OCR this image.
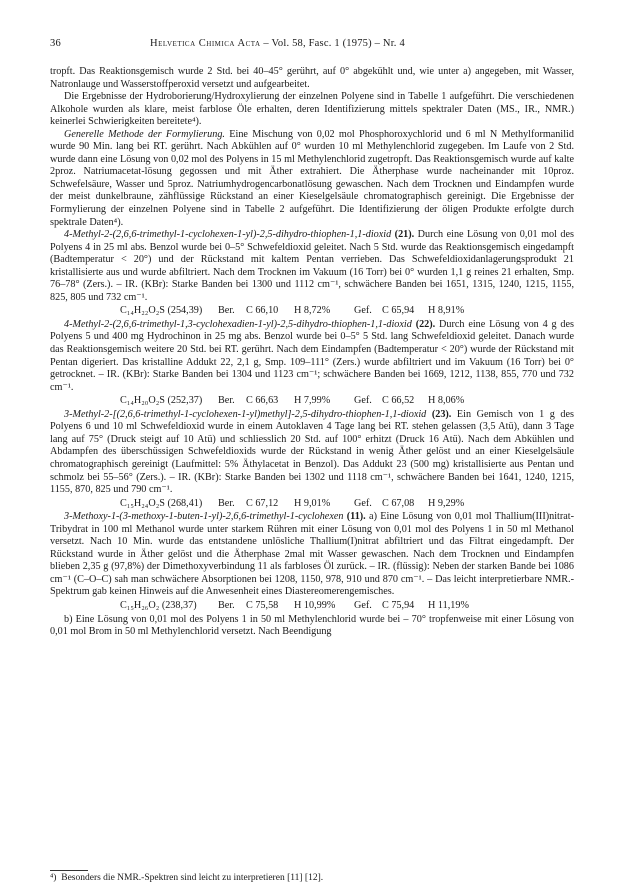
36	Helvetica Chimica Acta – Vol. 58, Fasc. 1 (1975) – Nr. 4

tropft. Das Reaktionsgemisch wurde 2 Std. bei 40–45° gerührt, auf 0° abgekühlt und, wie unter a) angegeben, mit Wasser, Natronlauge und Wasserstoffperoxid versetzt und aufgearbeitet.

Die Ergebnisse der Hydroborierung/Hydroxylierung der einzelnen Polyene sind in Tabelle 1 aufgeführt. Die verschiedenen Alkohole wurden als klare, meist farblose Öle erhalten, deren Identifizierung mittels spektraler Daten (MS., IR., NMR.) keinerlei Schwierigkeiten bereitete⁴).

Generelle Methode der Formylierung. Eine Mischung von 0,02 mol Phosphoroxychlorid und 6 ml N Methylformanilid wurde 90 Min. lang bei RT. gerührt. Nach Abkühlen auf 0° wurden 10 ml Methylenchlorid zugegeben. Im Laufe von 2 Std. wurde dann eine Lösung von 0,02 mol des Polyens in 15 ml Methylenchlorid zugetropft. Das Reaktionsgemisch wurde auf kalte 2proz. Natriumacetat-lösung gegossen und mit Äther extrahiert. Die Ätherphase wurde nacheinander mit 10proz. Schwefelsäure, Wasser und 5proz. Natriumhydrogencarbonatlösung gewaschen. Nach dem Trocknen und Eindampfen wurde der meist dunkelbraune, zähflüssige Rückstand an einer Kieselgelsäule chromatographisch gereinigt. Die Ergebnisse der Formylierung der einzelnen Polyene sind in Tabelle 2 aufgeführt. Die Identifizierung der öligen Produkte erfolgte durch spektrale Daten⁴).

4-Methyl-2-(2,6,6-trimethyl-1-cyclohexen-1-yl)-2,5-dihydro-thiophen-1,1-dioxid (21). Durch eine Lösung von 0,01 mol des Polyens 4 in 25 ml abs. Benzol wurde bei 0–5° Schwefeldioxid geleitet. Nach 5 Std. wurde das Reaktionsgemisch eingedampft (Badtemperatur < 20°) und der Rückstand mit kaltem Pentan verrieben. Das Schwefeldioxidanlagerungsprodukt 21 kristallisierte aus und wurde abfiltriert. Nach dem Trocknen im Vakuum (16 Torr) bei 0° wurden 1,1 g reines 21 erhalten, Smp. 76–78° (Zers.). – IR. (KBr): Starke Banden bei 1300 und 1112 cm⁻¹, schwächere Banden bei 1651, 1315, 1240, 1215, 1155, 825, 805 und 732 cm⁻¹.

C₁₄H₂₂O₂S (254,39) Ber. C 66,10 H 8,72% Gef. C 65,94 H 8,91%

4-Methyl-2-(2,6,6-trimethyl-1,3-cyclohexadien-1-yl)-2,5-dihydro-thiophen-1,1-dioxid (22). Durch eine Lösung von 4 g des Polyens 5 und 400 mg Hydrochinon in 25 mg abs. Benzol wurde bei 0–5° 5 Std. lang Schwefeldioxid geleitet. Danach wurde das Reaktionsgemisch weitere 20 Std. bei RT. gerührt. Nach dem Eindampfen (Badtemperatur < 20°) wurde der Rückstand mit Pentan digeriert. Das kristalline Addukt 22, 2,1 g, Smp. 109–111° (Zers.) wurde abfiltriert und im Vakuum (16 Torr) bei 0° getrocknet. – IR. (KBr): Starke Banden bei 1304 und 1123 cm⁻¹; schwächere Banden bei 1669, 1212, 1138, 855, 770 und 732 cm⁻¹.

C₁₄H₂₀O₂S (252,37) Ber. C 66,63 H 7,99% Gef. C 66,52 H 8,06%

3-Methyl-2-[(2,6,6-trimethyl-1-cyclohexen-1-yl)methyl]-2,5-dihydro-thiophen-1,1-dioxid (23). Ein Gemisch von 1 g des Polyens 6 und 10 ml Schwefeldioxid wurde in einem Autoklaven 4 Tage lang bei RT. stehen gelassen (3,5 Atü), dann 3 Tage lang auf 75° (Druck steigt auf 10 Atü) und schliesslich 20 Std. auf 100° erhitzt (Druck 16 Atü). Nach dem Abkühlen und Abdampfen des überschüssigen Schwefeldioxids wurde der Rückstand in wenig Äther gelöst und an einer Kieselgelsäule chromatographisch gereinigt (Laufmittel: 5% Äthylacetat in Benzol). Das Addukt 23 (500 mg) kristallisierte aus Pentan und schmolz bei 55–56° (Zers.). – IR. (KBr): Starke Banden bei 1302 und 1118 cm⁻¹, schwächere Banden bei 1641, 1240, 1215, 1155, 870, 825 und 790 cm⁻¹.

C₁₅H₂₄O₂S (268,41) Ber. C 67,12 H 9,01% Gef. C 67,08 H 9,29%

3-Methoxy-1-(3-methoxy-1-buten-1-yl)-2,6,6-trimethyl-1-cyclohexen (11). a) Eine Lösung von 0,01 mol Thallium(III)nitrat-Tribydrat in 100 ml Methanol wurde unter starkem Rühren mit einer Lösung von 0,01 mol des Polyens 1 in 50 ml Methanol versetzt. Nach 10 Min. wurde das entstandene unlösliche Thallium(I)nitrat abfiltriert und das Filtrat eingedampft. Der Rückstand wurde in Äther gelöst und die Ätherphase 2mal mit Wasser gewaschen. Nach dem Trocknen und Eindampfen blieben 2,35 g (97,8%) der Dimethoxyverbindung 11 als farbloses Öl zurück. – IR. (flüssig): Neben der starken Bande bei 1086 cm⁻¹ (C–O–C) sah man schwächere Absorptionen bei 1208, 1150, 978, 910 und 870 cm⁻¹. – Das leicht interpretierbare NMR.-Spektrum gab keinen Hinweis auf die Anwesenheit eines Diastereomerengemisches.

C₁₅H₂₆O₂ (238,37) Ber. C 75,58 H 10,99% Gef. C 75,94 H 11,19%

b) Eine Lösung von 0,01 mol des Polyens 1 in 50 ml Methylenchlorid wurde bei – 70° tropfenweise mit einer Lösung von 0,01 mol Brom in 50 ml Methylenchlorid versetzt. Nach Beendigung

⁴) Besonders die NMR.-Spektren sind leicht zu interpretieren [11] [12].
